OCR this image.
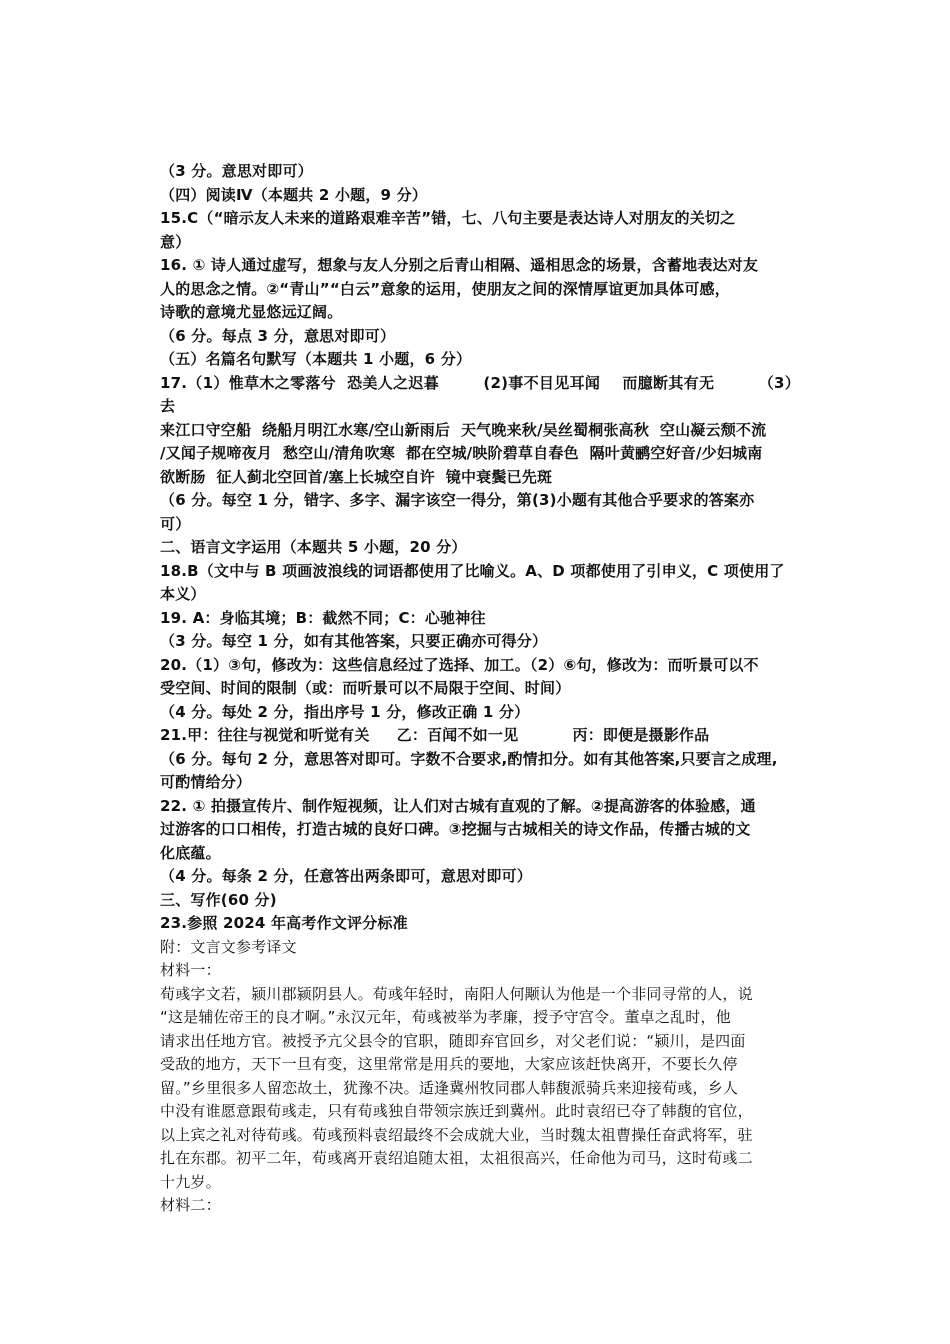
（3 分。意思对即可）

（四）阅读Ⅳ（本题共 2 小题，9 分）

15.C（“暗示友人未来的道路艰难辛苦”错，七、八句主要是表达诗人对朋友的关切之

意）

16. ① 诗人通过虚写，想象与友人分别之后青山相隔、遥相思念的场景，含蓄地表达对友

人的思念之情。②“青山”“白云”意象的运用，使朋友之间的深情厚谊更加具体可感，

诗歌的意境尤显悠远辽阔。

（6 分。每点 3 分，意思对即可）

（五）名篇名句默写（本题共 1 小题，6 分）

17.（1）惟草木之零落兮  恐美人之迟暮        (2)事不目见耳闻    而臆断其有无        （3）去

来江口守空船  绕船月明江水寒/空山新雨后  天气晚来秋/吴丝蜀桐张高秋  空山凝云颓不流

/又闻子规啼夜月  愁空山/清角吹寒  都在空城/映阶碧草自春色  隔叶黄鹂空好音/少妇城南

欲断肠  征人蓟北空回首/塞上长城空自许  镜中衰鬓已先斑

（6 分。每空 1 分，错字、多字、漏字该空一得分，第(3)小题有其他合乎要求的答案亦

可）

二、语言文字运用（本题共 5 小题，20 分）

18.B（文中与 B 项画波浪线的词语都使用了比喻义。A、D 项都使用了引申义，C 项使用了

本义）

19. A：身临其境；B：截然不同；C：心驰神往

（3 分。每空 1 分，如有其他答案，只要正确亦可得分）

20.（1）③句，修改为：这些信息经过了选择、加工。（2）⑥句，修改为：而听景可以不

受空间、时间的限制（或：而听景可以不局限于空间、时间）

（4 分。每处 2 分，指出序号 1 分，修改正确 1 分）

21.甲：往往与视觉和听觉有关     乙：百闻不如一见          丙：即便是摄影作品

（6 分。每句 2 分，意思答对即可。字数不合要求,酌情扣分。如有其他答案,只要言之成理,

可酌情给分）

22. ① 拍摄宣传片、制作短视频，让人们对古城有直观的了解。②提高游客的体验感，通

过游客的口口相传，打造古城的良好口碑。③挖掘与古城相关的诗文作品，传播古城的文

化底蕴。

（4 分。每条 2 分，任意答出两条即可，意思对即可）

三、写作(60 分)

23.参照 2024 年高考作文评分标准

附：文言文参考译文

材料一：

荀彧字文若，颍川郡颍阴县人。荀彧年轻时，南阳人何颙认为他是一个非同寻常的人，说

“这是辅佐帝王的良才啊。”永汉元年，荀彧被举为孝廉，授予守宫令。董卓之乱时，他

请求出任地方官。被授予亢父县令的官职，随即弃官回乡，对父老们说：“颍川，是四面

受敌的地方，天下一旦有变，这里常常是用兵的要地，大家应该赶快离开，不要长久停

留。”乡里很多人留恋故土，犹豫不决。适逢冀州牧同郡人韩馥派骑兵来迎接荀彧，乡人

中没有谁愿意跟荀彧走，只有荀彧独自带领宗族迁到冀州。此时袁绍已夺了韩馥的官位，

以上宾之礼对待荀彧。荀彧预料袁绍最终不会成就大业，当时魏太祖曹操任奋武将军，驻

扎在东郡。初平二年，荀彧离开袁绍追随太祖，太祖很高兴，任命他为司马，这时荀彧二

十九岁。

材料二：
